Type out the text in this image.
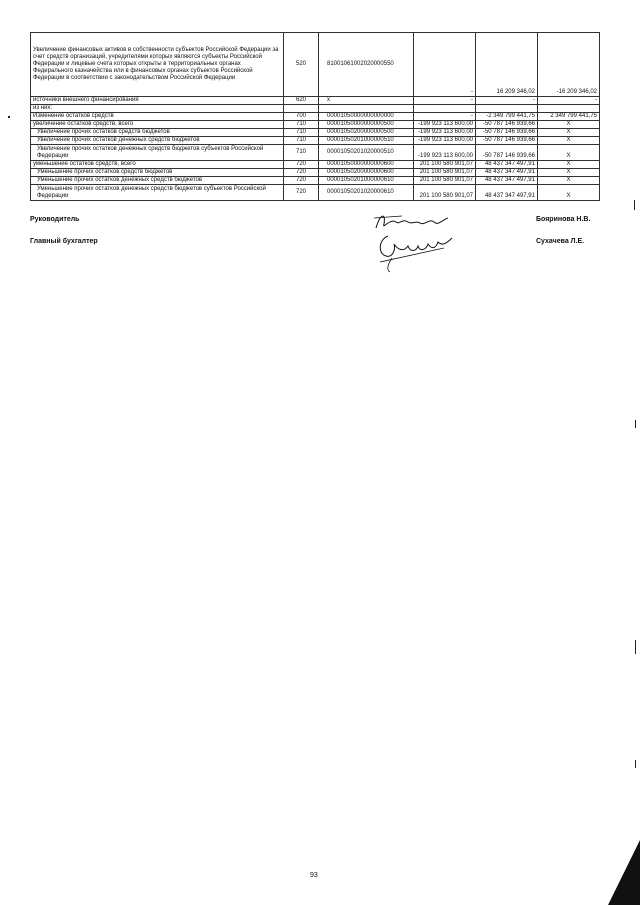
Увеличение финансовых активов в собственности субъектов Российской Федерации за счет средств организаций, учредителями которых являются субъекты Российской Федерации и лицевые счета которых открыты в территориальных органах Федерального казначейства или в финансовых органах субъектов Российской Федерации в соответствии с законодательством Российской Федерации	520	81001061002020000550	-	16 209 346,02	-16 209 346,02
источники внешнего финансирования	620	x	-	-	-
из них:					
Изменение остатков средств	700	00001050000000000000	-	-2 349 799 441,75	2 349 799 441,75
увеличение остатков средств, всего	710	00001050000000000500	-199 923 113 600,00	-50 787 146 939,66	X
Увеличение прочих остатков средств бюджетов	710	00001050200000000500	-199 923 113 600,00	-50 787 146 939,66	X
Увеличение прочих остатков денежных средств бюджетов	710	00001050201000000510	-199 923 113 600,00	-50 787 146 939,66	X
Увеличение прочих остатков денежных средств бюджетов субъектов Российской Федерации	710	00001050201020000510	-199 923 113 600,00	-50 787 146 939,66	X
уменьшение остатков средств, всего	720	00001050000000000600	201 100 580 901,07	48 437 347 497,91	X
Уменьшение прочих остатков средств бюджетов	720	00001050200000000600	201 100 580 901,07	48 437 347 497,91	X
Уменьшение прочих остатков денежных средств бюджетов	720	00001050201000000610	201 100 580 901,07	48 437 347 497,91	X
Уменьшение прочих остатков денежных средств бюджетов субъектов Российской Федерации	720	00001050201020000610	201 100 580 901,07	48 437 347 497,91	X
Руководитель	Бояринова Н.В.
Главный бухгалтер	Сухачева Л.Е.
93
